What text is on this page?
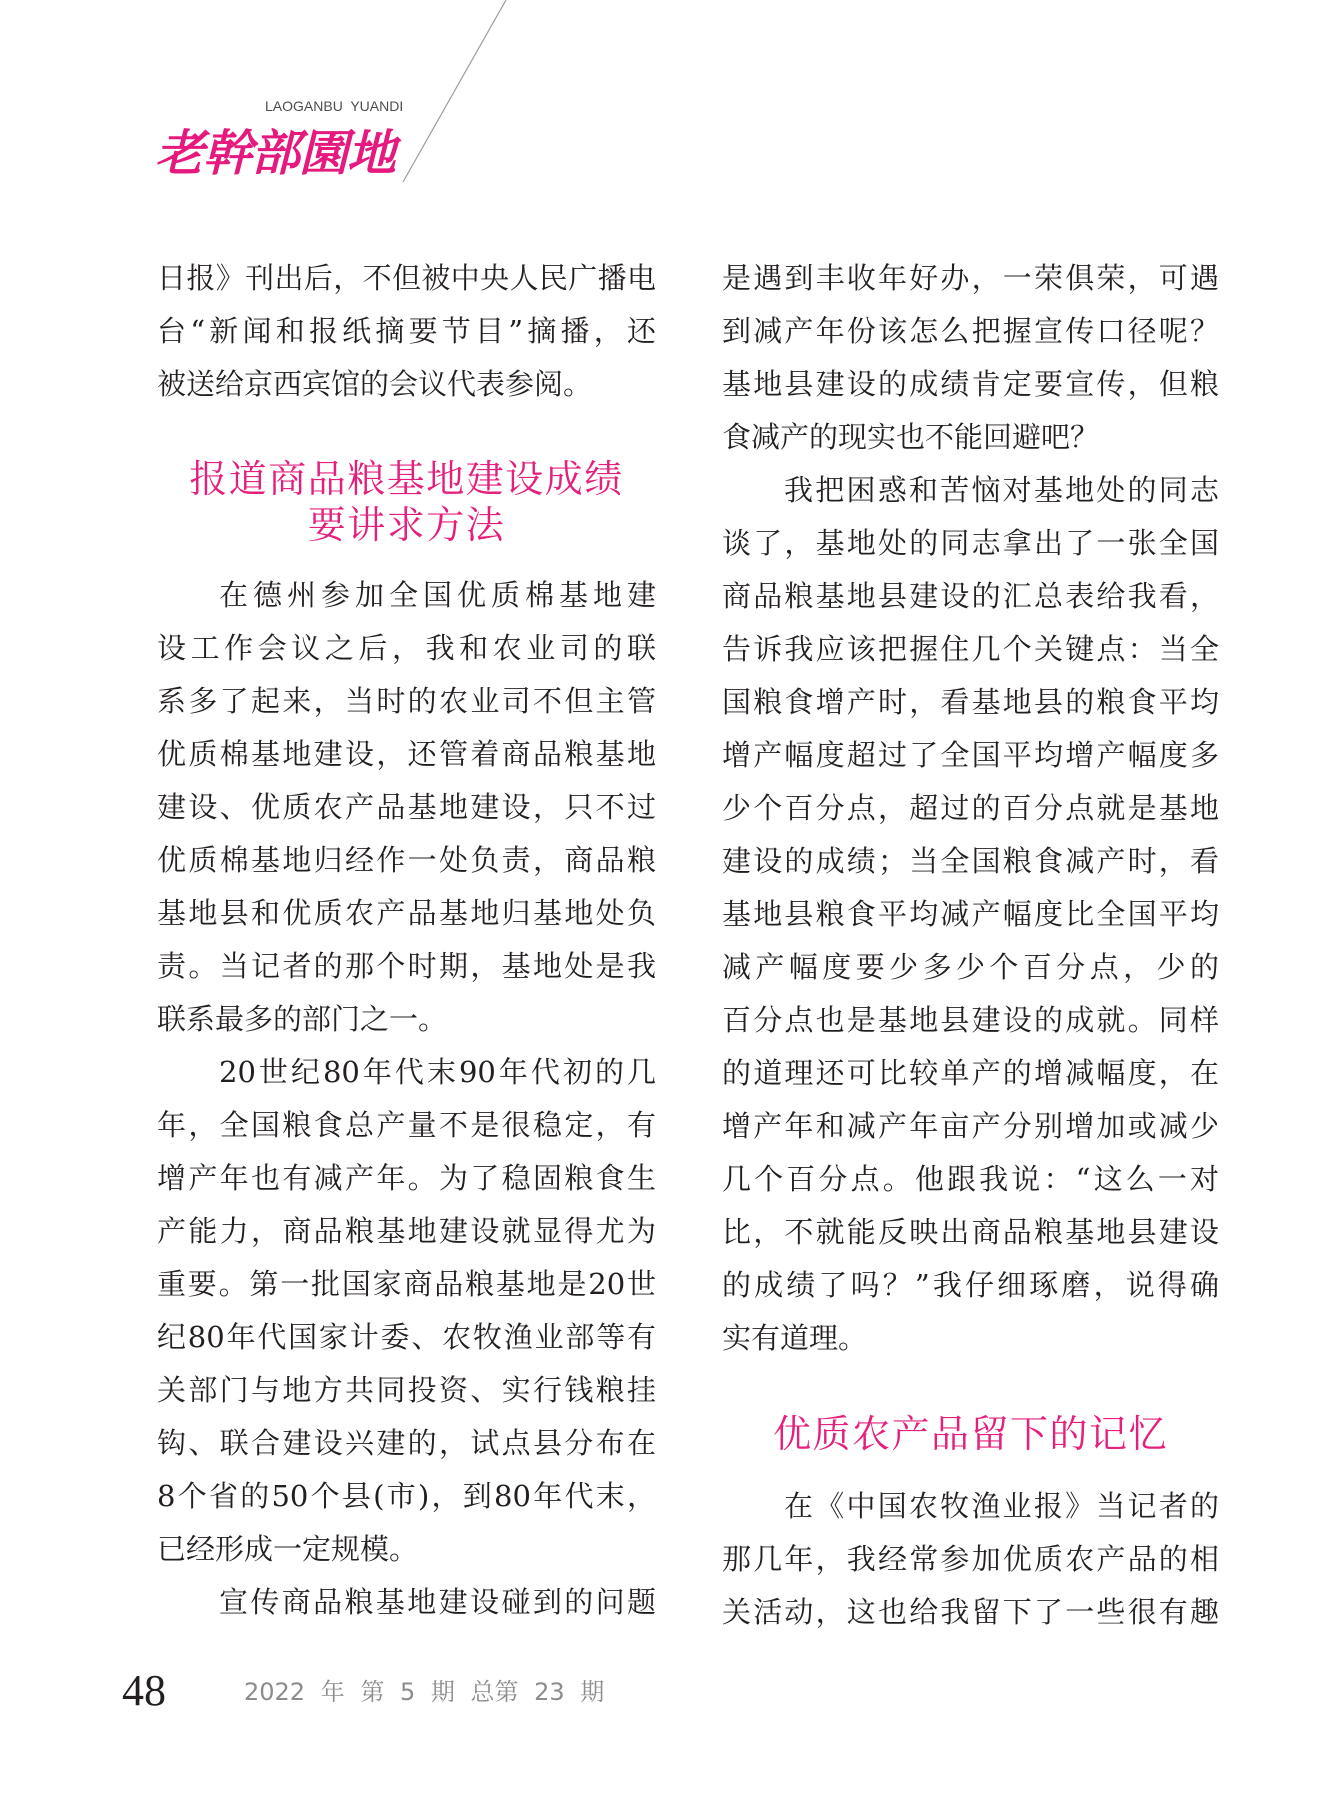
LAOGANBU  YUANDI
老幹部園地
日报》刊出后，不但被中央人民广播电
台“新闻和报纸摘要节目”摘播，还
被送给京西宾馆的会议代表参阅。
报道商品粮基地建设成绩
要讲求方法
在德州参加全国优质棉基地建
设工作会议之后，我和农业司的联
系多了起来，当时的农业司不但主管
优质棉基地建设，还管着商品粮基地
建设、优质农产品基地建设，只不过
优质棉基地归经作一处负责，商品粮
基地县和优质农产品基地归基地处负
责。当记者的那个时期，基地处是我
联系最多的部门之一。
20世纪80年代末90年代初的几
年，全国粮食总产量不是很稳定，有
增产年也有减产年。为了稳固粮食生
产能力，商品粮基地建设就显得尤为
重要。第一批国家商品粮基地是20世
纪80年代国家计委、农牧渔业部等有
关部门与地方共同投资、实行钱粮挂
钩、联合建设兴建的，试点县分布在
8个省的50个县(市)，到80年代末，
已经形成一定规模。
宣传商品粮基地建设碰到的问题
是遇到丰收年好办，一荣俱荣，可遇
到减产年份该怎么把握宣传口径呢？
基地县建设的成绩肯定要宣传，但粮
食减产的现实也不能回避吧？
我把困惑和苦恼对基地处的同志
谈了，基地处的同志拿出了一张全国
商品粮基地县建设的汇总表给我看，
告诉我应该把握住几个关键点：当全
国粮食增产时，看基地县的粮食平均
增产幅度超过了全国平均增产幅度多
少个百分点，超过的百分点就是基地
建设的成绩；当全国粮食减产时，看
基地县粮食平均减产幅度比全国平均
减产幅度要少多少个百分点，少的
百分点也是基地县建设的成就。同样
的道理还可比较单产的增减幅度，在
增产年和减产年亩产分别增加或减少
几个百分点。他跟我说：“这么一对
比，不就能反映出商品粮基地县建设
的成绩了吗？”我仔细琢磨，说得确
实有道理。
优质农产品留下的记忆
在《中国农牧渔业报》当记者的
那几年，我经常参加优质农产品的相
关活动，这也给我留下了一些很有趣
48	2022 年 第 5 期 总第 23 期
